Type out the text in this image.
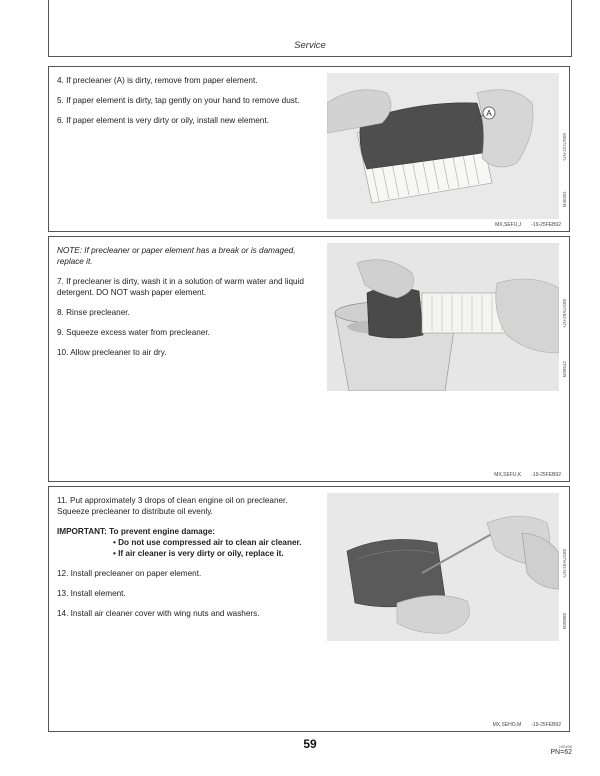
Service

4. If precleaner (A) is dirty, remove from paper element.

5. If paper element is dirty, tap gently on your hand to remove dust.

6. If paper element is very dirty or oily, install new element.

A
-UN-22JUN90
M40361
MX,SEFU,J -19-25FEB92

NOTE: If precleaner or paper element has a break or is damaged, replace it.

7. If precleaner is dirty, wash it in a solution of warm water and liquid detergent. DO NOT wash paper element.

8. Rinse precleaner.

9. Squeeze excess water from precleaner.

10. Allow precleaner to air dry.

-UN-29AUG88
M38542
MX,SEFU,K -19-25FEB92

11. Put approximately 3 drops of clean engine oil on precleaner. Squeeze precleaner to distribute oil evenly.

IMPORTANT: To prevent engine damage:
• Do not use compressed air to clean air cleaner.
• If air cleaner is very dirty or oily, replace it.

12. Install precleaner on paper element.

13. Install element.

14. Install air cleaner cover with wing nuts and washers.

-UN-25AUG88
M30888
MX,SEHO,M -19-25FEB92
59	240496
PN=62
